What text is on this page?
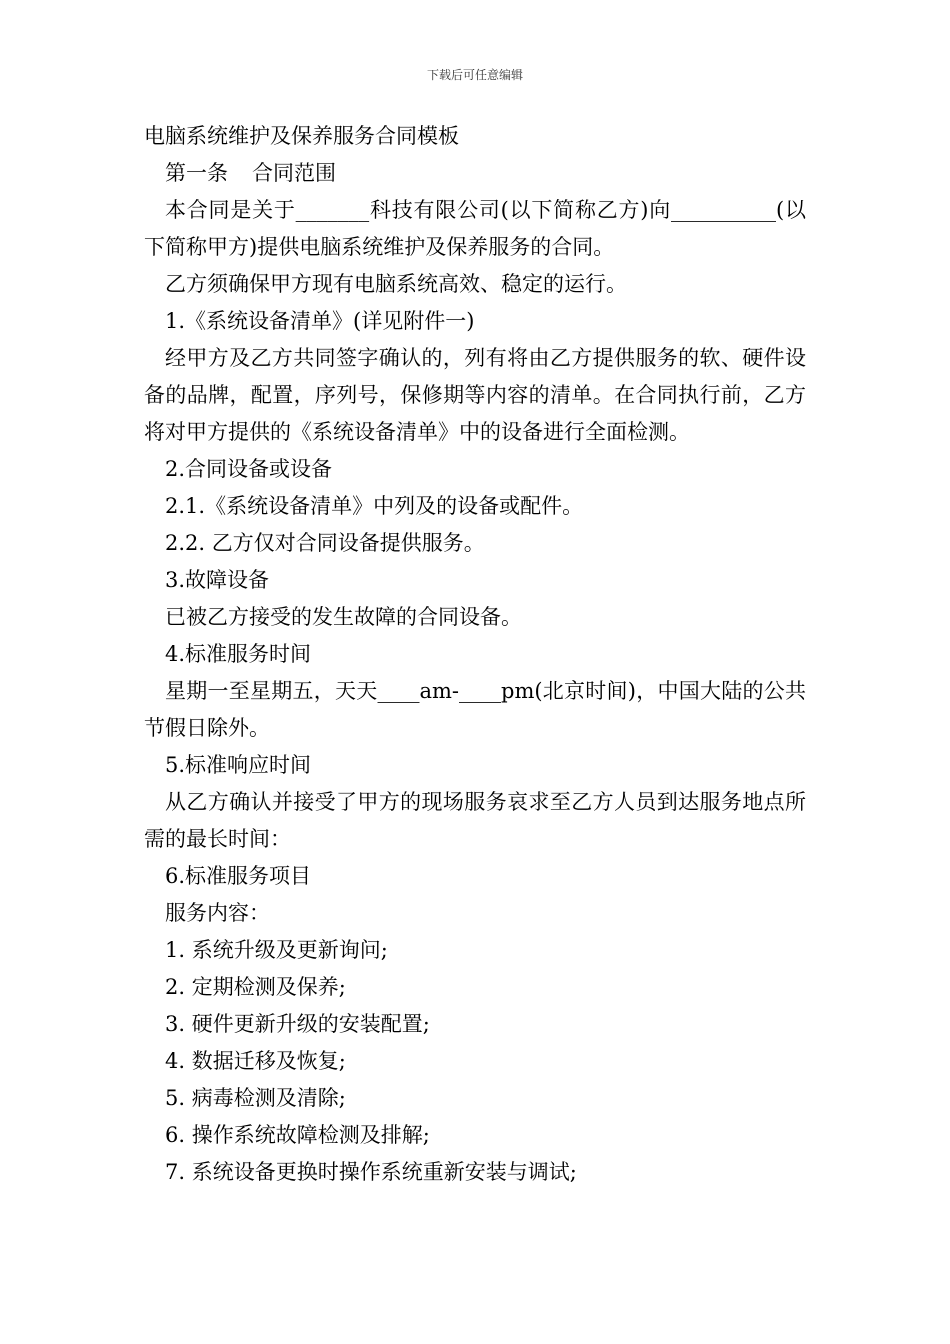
下载后可任意编辑

电脑系统维护及保养服务合同模板

第一条 合同范围

本合同是关于_______科技有限公司(以下简称乙方)向__________(以下简称甲方)提供电脑系统维护及保养服务的合同。

乙方须确保甲方现有电脑系统高效、稳定的运行。

1.《系统设备清单》(详见附件一)

经甲方及乙方共同签字确认的，列有将由乙方提供服务的软、硬件设备的品牌，配置，序列号，保修期等内容的清单。在合同执行前，乙方将对甲方提供的《系统设备清单》中的设备进行全面检测。

2.合同设备或设备

2.1.《系统设备清单》中列及的设备或配件。

2.2. 乙方仅对合同设备提供服务。

3.故障设备

已被乙方接受的发生故障的合同设备。

4.标准服务时间

星期一至星期五，天天____am-____pm(北京时间)，中国大陆的公共节假日除外。

5.标准响应时间

从乙方确认并接受了甲方的现场服务哀求至乙方人员到达服务地点所需的最长时间：

6.标准服务项目

服务内容：

1. 系统升级及更新询问;

2. 定期检测及保养;

3. 硬件更新升级的安装配置;

4. 数据迁移及恢复;

5. 病毒检测及清除;

6. 操作系统故障检测及排解;

7. 系统设备更换时操作系统重新安装与调试;
